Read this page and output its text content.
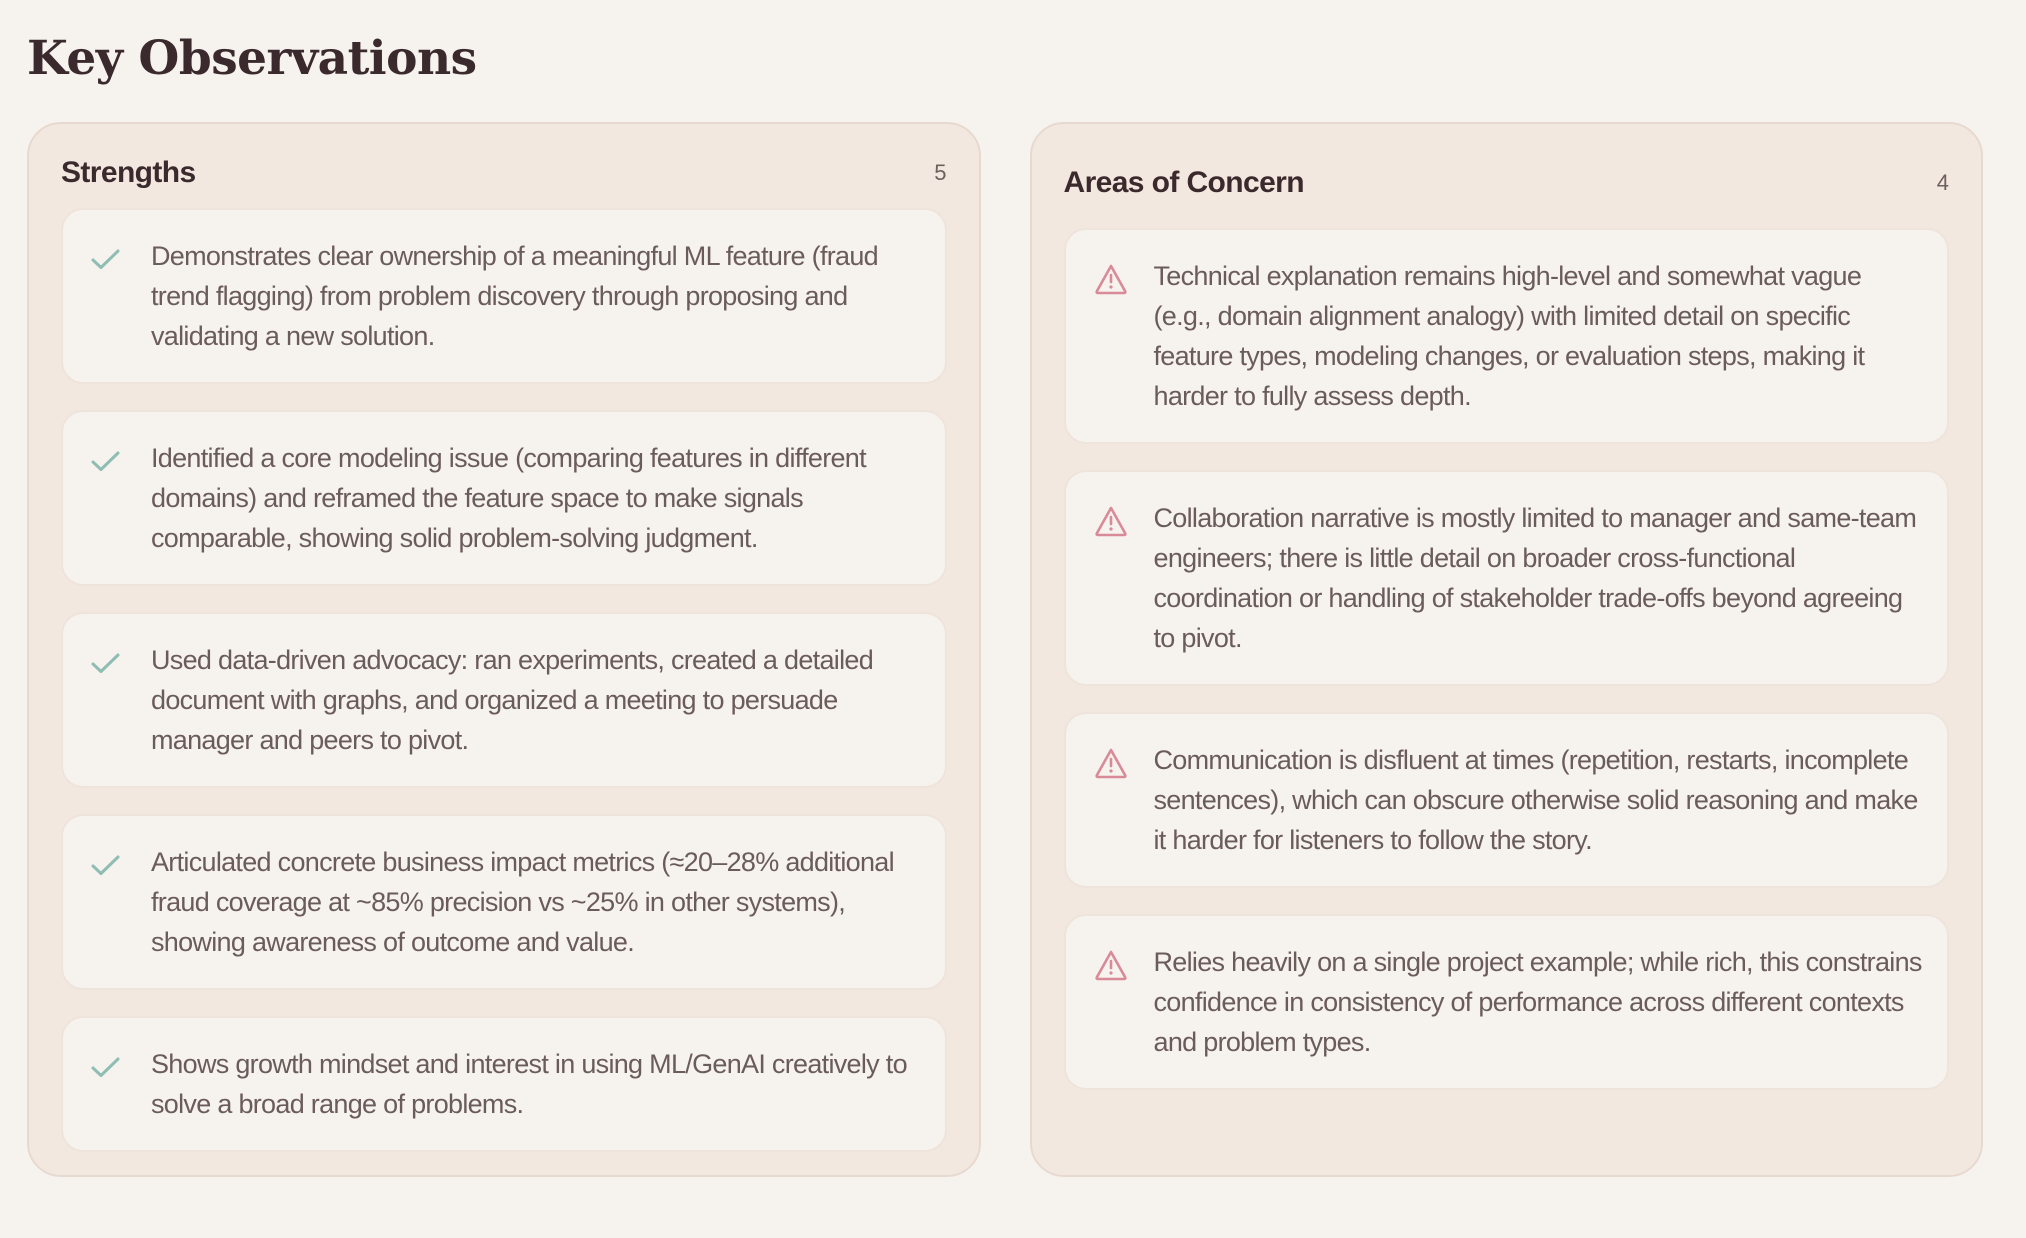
Key Observations
Strengths	5

Demonstrates clear ownership of a meaningful ML feature (fraud trend flagging) from problem discovery through proposing and validating a new solution.

Identified a core modeling issue (comparing features in different domains) and reframed the feature space to make signals comparable, showing solid problem-solving judgment.

Used data-driven advocacy: ran experiments, created a detailed document with graphs, and organized a meeting to persuade manager and peers to pivot.

Articulated concrete business impact metrics (≈20–28% additional fraud coverage at ~85% precision vs ~25% in other systems), showing awareness of outcome and value.

Shows growth mindset and interest in using ML/GenAI creatively to solve a broad range of problems.

Areas of Concern	4

Technical explanation remains high-level and somewhat vague (e.g., domain alignment analogy) with limited detail on specific feature types, modeling changes, or evaluation steps, making it harder to fully assess depth.

Collaboration narrative is mostly limited to manager and same-team engineers; there is little detail on broader cross-functional coordination or handling of stakeholder trade-offs beyond agreeing to pivot.

Communication is disfluent at times (repetition, restarts, incomplete sentences), which can obscure otherwise solid reasoning and make it harder for listeners to follow the story.

Relies heavily on a single project example; while rich, this constrains confidence in consistency of performance across different contexts and problem types.
